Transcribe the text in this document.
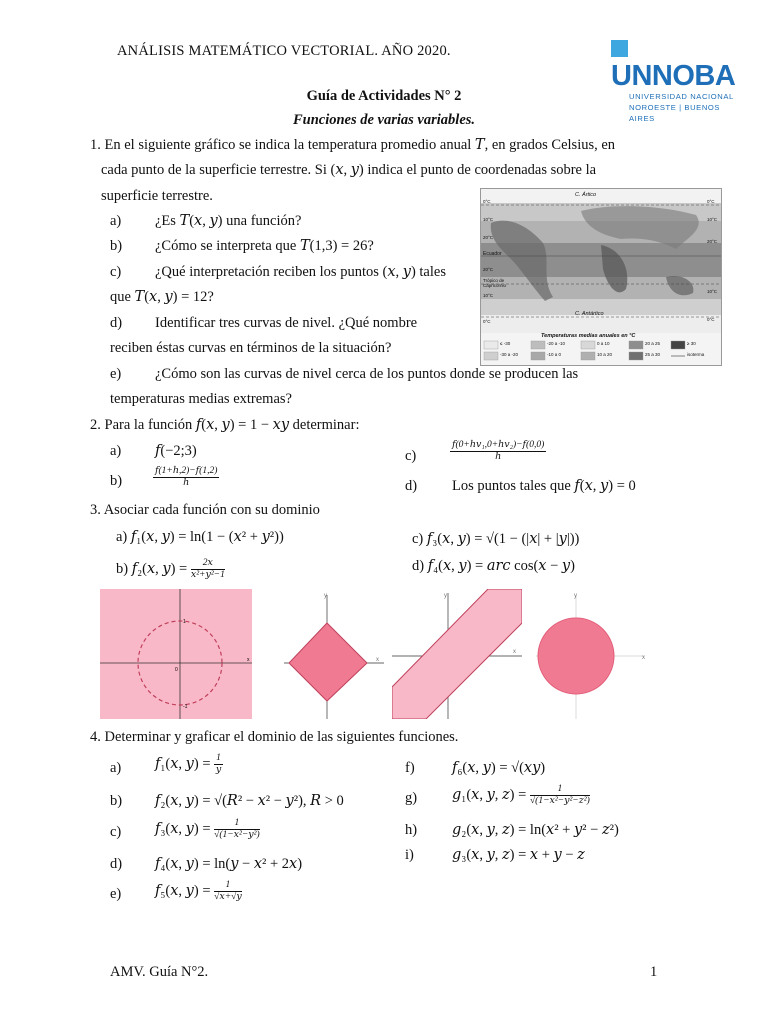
ANÁLISIS MATEMÁTICO VECTORIAL. AÑO 2020.
UNNOBA
UNIVERSIDAD NACIONAL
NOROESTE | BUENOS AIRES
Guía de Actividades N° 2
Funciones de varias variables.
1. En el siguiente gráfico se indica la temperatura promedio anual 𝑇, en grados Celsius, en
cada punto de la superficie terrestre. Si (𝑥, 𝑦) indica el punto de coordenadas sobre la
superficie terrestre.
a) ¿Es 𝑇(𝑥, 𝑦) una función?
b) ¿Cómo se interpreta que 𝑇(1,3) = 26?
c) ¿Qué interpretación reciben los puntos (𝑥, 𝑦) tales
que 𝑇(𝑥, 𝑦) = 12?
d) Identificar tres curvas de nivel. ¿Qué nombre
reciben éstas curvas en términos de la situación?
e) ¿Cómo son las curvas de nivel cerca de los puntos donde se producen las
temperaturas medias extremas?
C. Ártico
Ecuador
Trópico de Capricornio
C. Antártico
Temperaturas medias anuales en °C
≤ -30
-30 a -20
-20 a -10
-10 a 0
0 a 10
10 a 20
20 a 25
25 a 30
≥ 30
isoterma
0°C
10°C
20°C
20°C
10°C
0°C
0°C
10°C
20°C
10°C
0°C
2. Para la función 𝑓(𝑥, 𝑦) = 1 − 𝑥𝑦 determinar:
a) 𝑓(−2;3)
b)	$\frac{\text{𝑓(1+ℎ,2)−𝑓(1,2)}}{\text{ℎ}}$
c)	$\frac{\text{𝑓(0+ℎ𝑣₁,0+ℎ𝑣₂)−𝑓(0,0)}}{\text{ℎ}}$
d) Los puntos tales que 𝑓(𝑥, 𝑦) = 0
3. Asociar cada función con su dominio
a) 𝑓₁(𝑥, 𝑦) = ln(1 − (𝑥² + 𝑦²))
b) 𝑓₂(𝑥, 𝑦) = $\frac{\text{2𝑥}}{\text{𝑥²+𝑦²−1}}$
c) 𝑓₃(𝑥, 𝑦) = √(1 − (|𝑥| + |𝑦|))
d) 𝑓₄(𝑥, 𝑦) = 𝑎𝑟𝑐 cos(𝑥 − 𝑦)
0
1
-1
x
y
x
y
x
y
x
4. Determinar y graficar el dominio de las siguientes funciones.
a) 𝑓₁(𝑥, 𝑦) = $\frac{1}{\text{𝑦}}$
b) 𝑓₂(𝑥, 𝑦) = √(𝑅² − 𝑥² − 𝑦²), 𝑅 > 0
c) 𝑓₃(𝑥, 𝑦) = $\frac{1}{\text{√(1−𝑥²−𝑦²)}}$
d) 𝑓₄(𝑥, 𝑦) = ln(𝑦 − 𝑥² + 2𝑥)
e) 𝑓₅(𝑥, 𝑦) = $\frac{1}{\text{√𝑥+√𝑦}}$
f)	𝑓₆(𝑥, 𝑦) = √(𝑥𝑦)
g) 𝑔₁(𝑥, 𝑦, 𝑧) = $\frac{1}{\text{√(1−𝑥²−𝑦²−𝑧²)}}$
h) 𝑔₂(𝑥, 𝑦, 𝑧) = ln(𝑥² + 𝑦² − 𝑧²)
i)	𝑔₃(𝑥, 𝑦, 𝑧) = 𝑥 + 𝑦 − 𝑧
AMV. Guía N°2.	1
